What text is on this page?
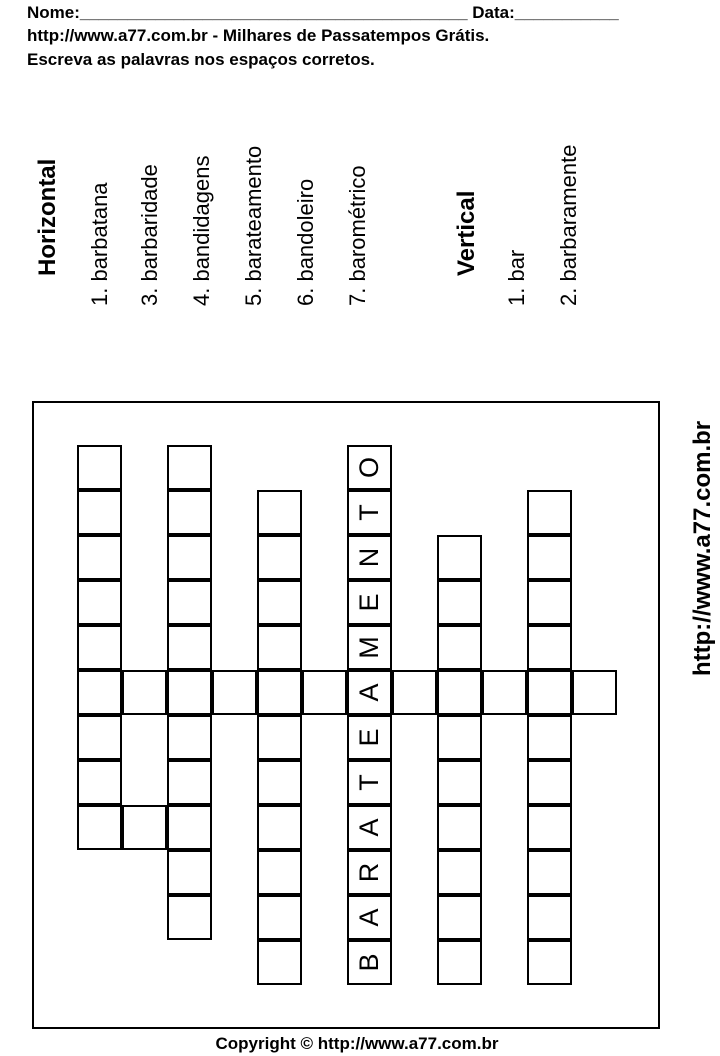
Nome:_________________________________________ Data:___________
http://www.a77.com.br - Milhares de Passatempos Grátis.
Escreva as palavras nos espaços corretos.
Horizontal 1. barbatana 3. barbaridade 4. bandidagens 5. barateamento 6. bandoleiro 7. barométrico	Vertical
1. bar 2. barbaramente
O
T
N
E
M
A
E
T
A
R
A
B
http://www.a77.com.br
Copyright © http://www.a77.com.br
